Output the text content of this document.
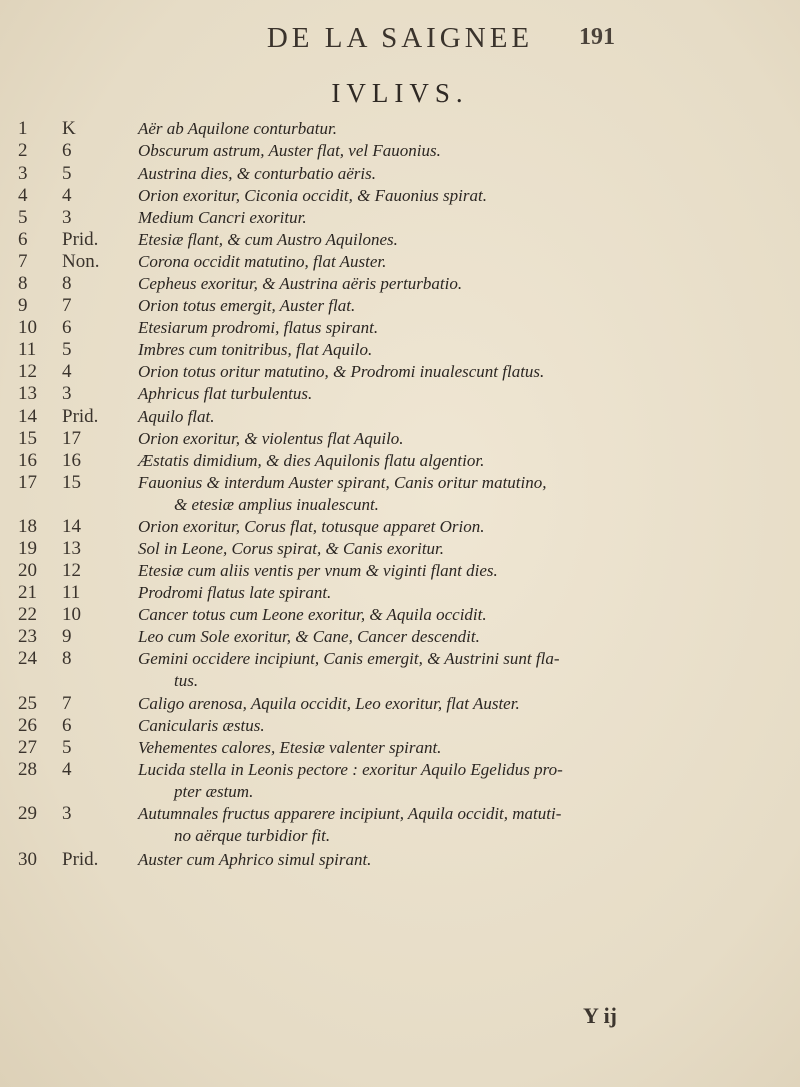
DE LA SAIGNEE	191
IVLIVS.
1	K	Aër ab Aquilone conturbatur.
2	6	Obscurum astrum, Auster flat, vel Fauonius.
3	5	Austrina dies, & conturbatio aëris.
4	4	Orion exoritur, Ciconia occidit, & Fauonius spirat.
5	3	Medium Cancri exoritur.
6	Prid.	Etesiæ flant, & cum Austro Aquilones.
7	Non.	Corona occidit matutino, flat Auster.
8	8	Cepheus exoritur, & Austrina aëris perturbatio.
9	7	Orion totus emergit, Auster flat.
10	6	Etesiarum prodromi, flatus spirant.
11	5	Imbres cum tonitribus, flat Aquilo.
12	4	Orion totus oritur matutino, & Prodromi inualescunt flatus.
13	3	Aphricus flat turbulentus.
14	Prid.	Aquilo flat.
15	17	Orion exoritur, & violentus flat Aquilo.
16	16	Æstatis dimidium, & dies Aquilonis flatu algentior.
17	15	Fauonius & interdum Auster spirant, Canis oritur matutino,
& etesiæ amplius inualescunt.
18	14	Orion exoritur, Corus flat, totusque apparet Orion.
19	13	Sol in Leone, Corus spirat, & Canis exoritur.
20	12	Etesiæ cum aliis ventis per vnum & viginti flant dies.
21	11	Prodromi flatus late spirant.
22	10	Cancer totus cum Leone exoritur, & Aquila occidit.
23	9	Leo cum Sole exoritur, & Cane, Cancer descendit.
24	8	Gemini occidere incipiunt, Canis emergit, & Austrini sunt fla-
tus.
25	7	Caligo arenosa, Aquila occidit, Leo exoritur, flat Auster.
26	6	Canicularis æstus.
27	5	Vehementes calores, Etesiæ valenter spirant.
28	4	Lucida stella in Leonis pectore : exoritur Aquilo Egelidus pro-
pter æstum.
29	3	Autumnales fructus apparere incipiunt, Aquila occidit, matuti-
no aërque turbidior fit.
30	Prid.	Auster cum Aphrico simul spirant.
Y ij
